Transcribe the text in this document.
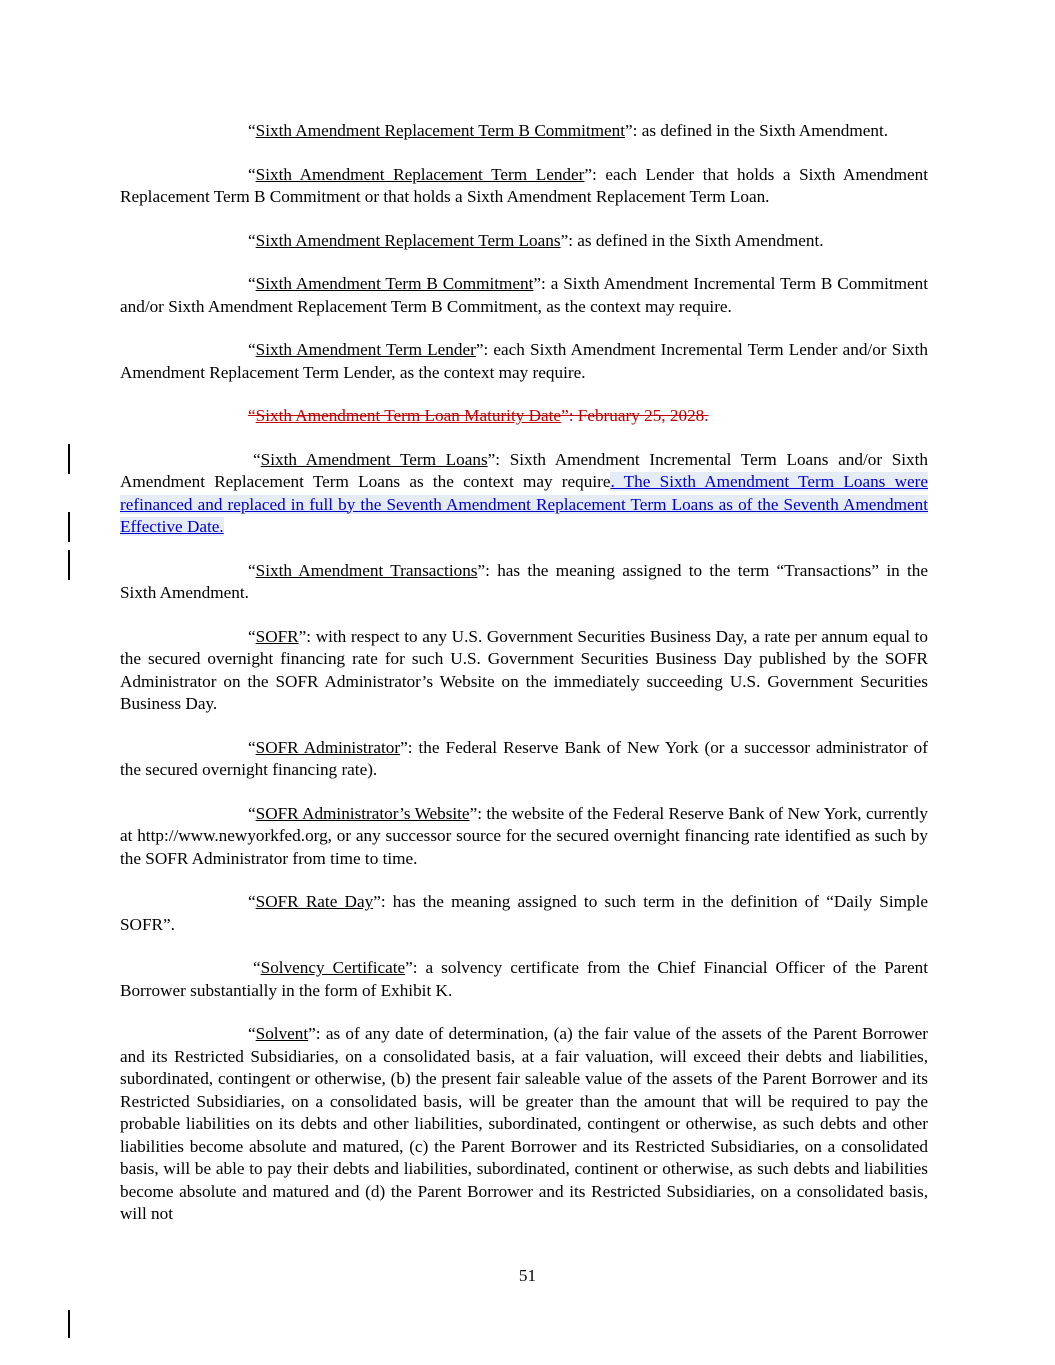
“Sixth Amendment Replacement Term B Commitment”: as defined in the Sixth Amendment.

“Sixth Amendment Replacement Term Lender”: each Lender that holds a Sixth Amendment Replacement Term B Commitment or that holds a Sixth Amendment Replacement Term Loan.

“Sixth Amendment Replacement Term Loans”: as defined in the Sixth Amendment.

“Sixth Amendment Term B Commitment”: a Sixth Amendment Incremental Term B Commitment and/or Sixth Amendment Replacement Term B Commitment, as the context may require.

“Sixth Amendment Term Lender”: each Sixth Amendment Incremental Term Lender and/or Sixth Amendment Replacement Term Lender, as the context may require.

“Sixth Amendment Term Loan Maturity Date”: February 25, 2028.

“Sixth Amendment Term Loans”: Sixth Amendment Incremental Term Loans and/or Sixth Amendment Replacement Term Loans as the context may require. The Sixth Amendment Term Loans were refinanced and replaced in full by the Seventh Amendment Replacement Term Loans as of the Seventh Amendment Effective Date.

“Sixth Amendment Transactions”: has the meaning assigned to the term “Transactions” in the Sixth Amendment.

“SOFR”: with respect to any U.S. Government Securities Business Day, a rate per annum equal to the secured overnight financing rate for such U.S. Government Securities Business Day published by the SOFR Administrator on the SOFR Administrator’s Website on the immediately succeeding U.S. Government Securities Business Day.

“SOFR Administrator”: the Federal Reserve Bank of New York (or a successor administrator of the secured overnight financing rate).

“SOFR Administrator’s Website”: the website of the Federal Reserve Bank of New York, currently at http://www.newyorkfed.org, or any successor source for the secured overnight financing rate identified as such by the SOFR Administrator from time to time.

“SOFR Rate Day”: has the meaning assigned to such term in the definition of “Daily Simple SOFR”.

“Solvency Certificate”: a solvency certificate from the Chief Financial Officer of the Parent Borrower substantially in the form of Exhibit K.

“Solvent”: as of any date of determination, (a) the fair value of the assets of the Parent Borrower and its Restricted Subsidiaries, on a consolidated basis, at a fair valuation, will exceed their debts and liabilities, subordinated, contingent or otherwise, (b) the present fair saleable value of the assets of the Parent Borrower and its Restricted Subsidiaries, on a consolidated basis, will be greater than the amount that will be required to pay the probable liabilities on its debts and other liabilities, subordinated, contingent or otherwise, as such debts and other liabilities become absolute and matured, (c) the Parent Borrower and its Restricted Subsidiaries, on a consolidated basis, will be able to pay their debts and liabilities, subordinated, continent or otherwise, as such debts and liabilities become absolute and matured and (d) the Parent Borrower and its Restricted Subsidiaries, on a consolidated basis, will not

51
